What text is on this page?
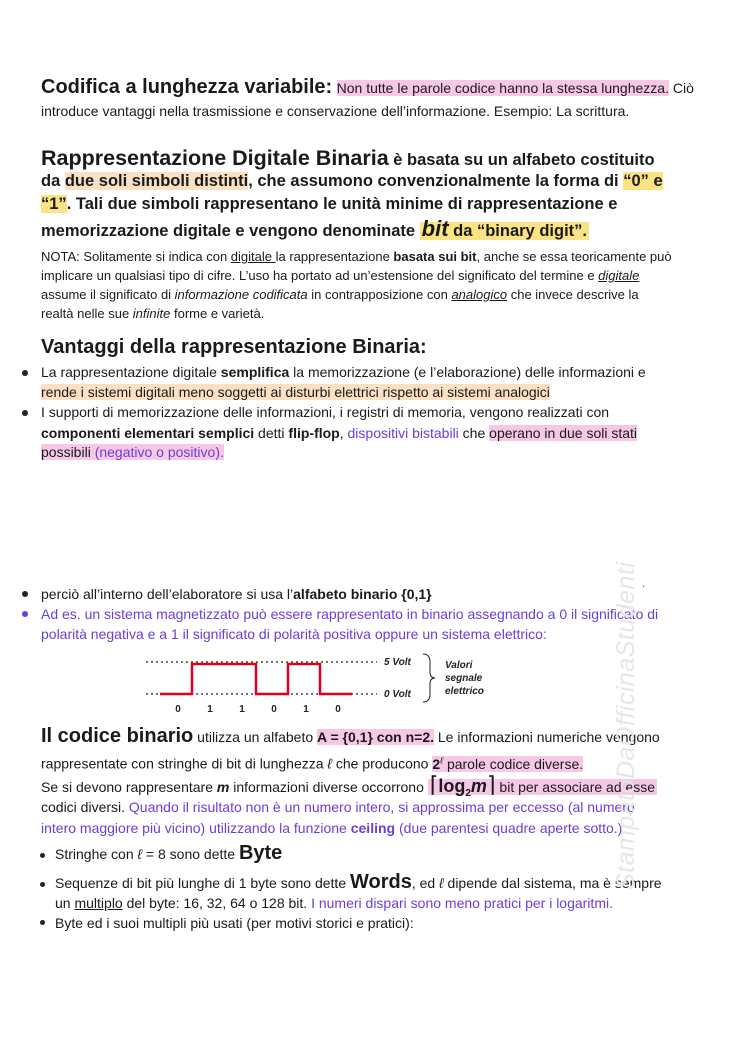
Codifica a lunghezza variabile: Non tutte le parole codice hanno la stessa lunghezza. Ciò
introduce vantaggi nella trasmissione e conservazione dell’informazione. Esempio: La scrittura.
Rappresentazione Digitale Binaria è basata su un alfabeto costituito
da due soli simboli distinti, che assumono convenzionalmente la forma di “0” e
“1”. Tali due simboli rappresentano le unità minime di rappresentazione e
memorizzazione digitale e vengono denominate bit da “binary digit”.
NOTA: Solitamente si indica con digitale la rappresentazione basata sui bit, anche se essa teoricamente può
implicare un qualsiasi tipo di cifre. L’uso ha portato ad un’estensione del significato del termine e digitale
assume il significato di informazione codificata in contrapposizione con analogico che invece descrive la
realtà nelle sue infinite forme e varietà.
Vantaggi della rappresentazione Binaria:
La rappresentazione digitale semplifica la memorizzazione (e l’elaborazione) delle informazioni e
rende i sistemi digitali meno soggetti ai disturbi elettrici rispetto ai sistemi analogici
I supporti di memorizzazione delle informazioni, i registri di memoria, vengono realizzati con
componenti elementari semplici detti flip-flop, dispositivi bistabili che operano in due soli stati
possibili (negativo o positivo).
perciò all’interno dell’elaboratore si usa l’alfabeto binario {0,1}
.
Ad es. un sistema magnetizzato può essere rappresentato in binario assegnando a 0 il significato di
polarità negativa e a 1 il significato di polarità positiva oppure un sistema elettrico:
5 Volt
0 Volt
Valori
segnale
elettrico
0	1	1	0	1	0
Il codice binario utilizza un alfabeto A = {0,1} con n=2. Le informazioni numeriche vengono
rappresentate con stringhe di bit di lunghezza ℓ che producono $2^\ell$ parole codice diverse.
Se si devono rappresentare m informazioni diverse occorrono $⌈\log_2m⌉$ bit per associare ad esse
codici diversi. Quando il risultato non è un numero intero, si approssima per eccesso (al numero
intero maggiore più vicino) utilizzando la funzione ceiling (due parentesi quadre aperte sotto.)
Stringhe con ℓ = 8 sono dette Byte
Sequenze di bit più lunghe di 1 byte sono dette Words, ed ℓ dipende dal sistema, ma è sempre
un multiplo del byte: 16, 32, 64 o 128 bit. I numeri dispari sono meno pratici per i logaritmi.
Byte ed i suoi multipli più usati (per motivi storici e pratici):
StampatoDaOfficinaStudenti
